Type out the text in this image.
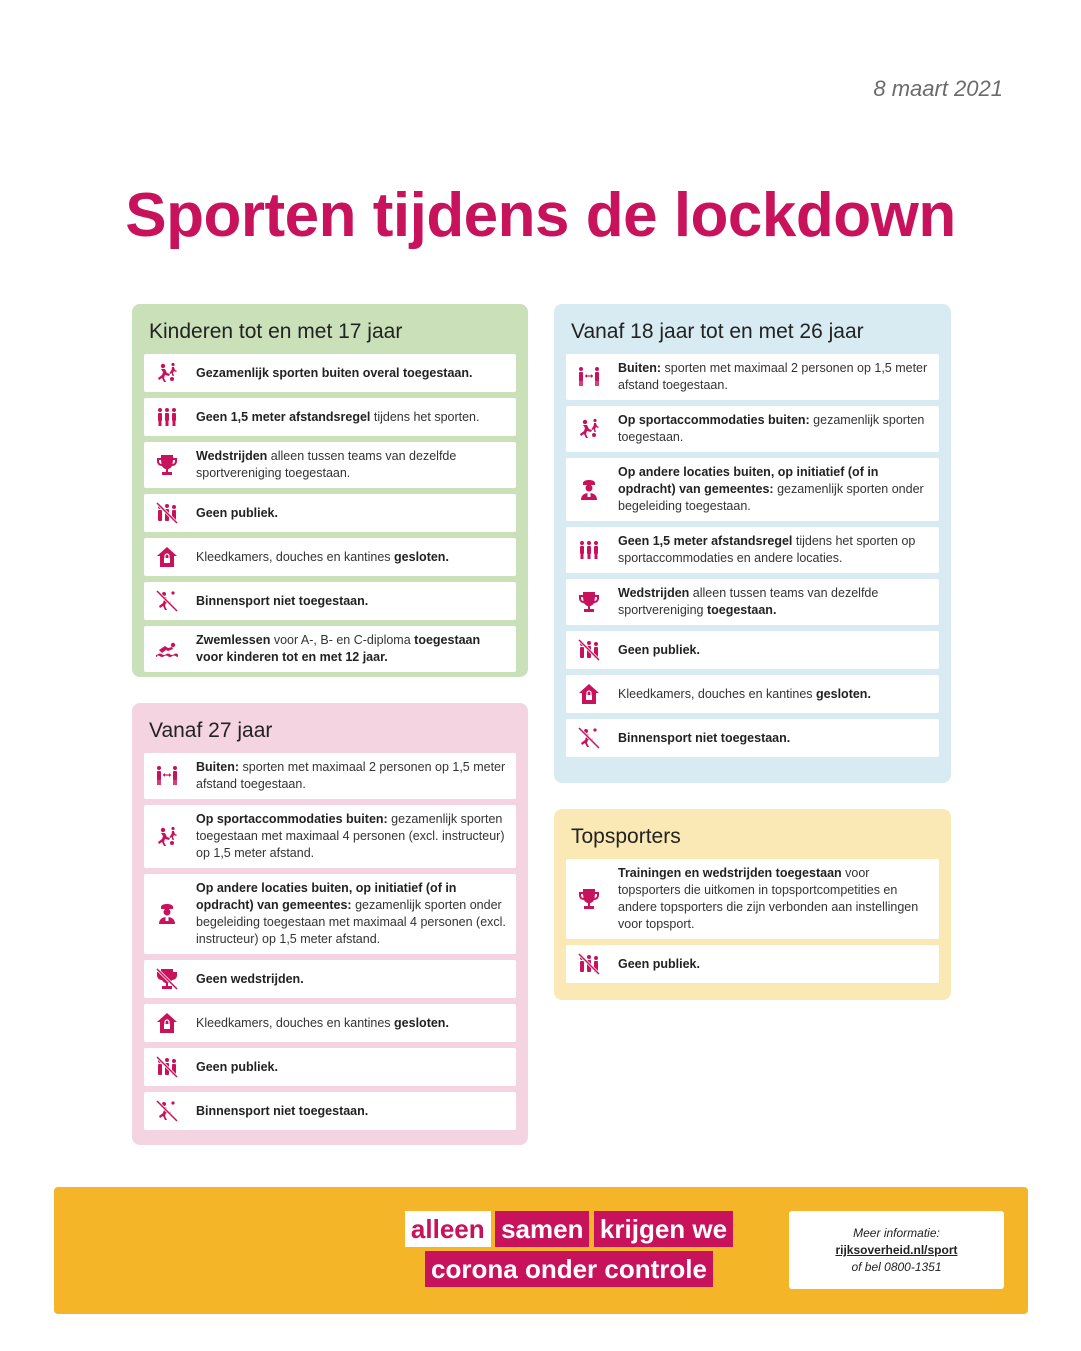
8 maart 2021
Sporten tijdens de lockdown
Kinderen tot en met 17 jaar
Gezamenlijk sporten buiten overal toegestaan.
Geen 1,5 meter afstandsregel tijdens het sporten.
Wedstrijden alleen tussen teams van dezelfde sportvereniging toegestaan.
Geen publiek.
Kleedkamers, douches en kantines gesloten.
Binnensport niet toegestaan.
Zwemlessen voor A-, B- en C-diploma toegestaan voor kinderen tot en met 12 jaar.
Vanaf 18 jaar tot en met 26 jaar
Buiten: sporten met maximaal 2 personen op 1,5 meter afstand toegestaan.
Op sportaccommodaties buiten: gezamenlijk sporten toegestaan.
Op andere locaties buiten, op initiatief (of in opdracht) van gemeentes: gezamenlijk sporten onder begeleiding toegestaan.
Geen 1,5 meter afstandsregel tijdens het sporten op sportaccommodaties en andere locaties.
Wedstrijden alleen tussen teams van dezelfde sportvereniging toegestaan.
Geen publiek.
Kleedkamers, douches en kantines gesloten.
Binnensport niet toegestaan.
Vanaf 27 jaar
Buiten: sporten met maximaal 2 personen op 1,5 meter afstand toegestaan.
Op sportaccommodaties buiten: gezamenlijk sporten toegestaan met maximaal 4 personen (excl. instructeur) op 1,5 meter afstand.
Op andere locaties buiten, op initiatief (of in opdracht) van gemeentes: gezamenlijk sporten onder begeleiding toegestaan met maximaal 4 personen (excl. instructeur) op 1,5 meter afstand.
Geen wedstrijden.
Kleedkamers, douches en kantines gesloten.
Geen publiek.
Binnensport niet toegestaan.
Topsporters
Trainingen en wedstrijden toegestaan voor topsporters die uitkomen in topsportcompetities en andere topsporters die zijn verbonden aan instellingen voor topsport.
Geen publiek.
alleen samen krijgen we
corona onder controle
Meer informatie:
rijksoverheid.nl/sport
of bel 0800-1351
